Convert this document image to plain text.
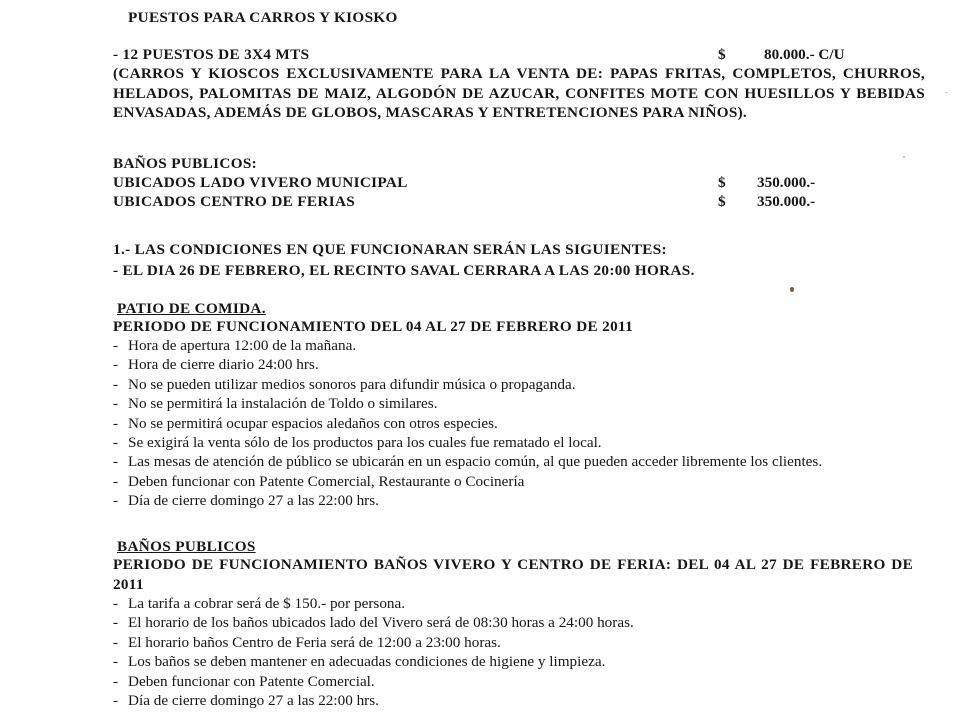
PUESTOS PARA CARROS Y KIOSKO
- 12 PUESTOS DE 3X4 MTS	$	80.000.- C/U
(CARROS Y KIOSCOS EXCLUSIVAMENTE PARA LA VENTA DE: PAPAS FRITAS, COMPLETOS, CHURROS, HELADOS, PALOMITAS DE MAIZ, ALGODÓN DE AZUCAR, CONFITES MOTE CON HUESILLOS Y BEBIDAS ENVASADAS, ADEMÁS DE GLOBOS, MASCARAS Y ENTRETENCIONES PARA NIÑOS).
BAÑOS PUBLICOS:
UBICADOS LADO VIVERO MUNICIPAL	$ 350.000.-
UBICADOS CENTRO DE FERIAS	$ 350.000.-
1.- LAS CONDICIONES EN QUE FUNCIONARAN SERÁN LAS SIGUIENTES:
- EL DIA 26 DE FEBRERO, EL RECINTO SAVAL CERRARA A LAS 20:00 HORAS.
PATIO DE COMIDA.
PERIODO DE FUNCIONAMIENTO DEL 04 AL 27 DE FEBRERO DE 2011
- Hora de apertura 12:00 de la mañana.
- Hora de cierre diario 24:00 hrs.
- No se pueden utilizar medios sonoros para difundir música o propaganda.
- No se permitirá la instalación de Toldo o similares.
- No se permitirá ocupar espacios aledaños con otros especies.
- Se exigirá la venta sólo de los productos para los cuales fue rematado el local.
- Las mesas de atención de público se ubicarán en un espacio común, al que pueden acceder libremente los clientes.
- Deben funcionar con Patente Comercial, Restaurante o Cocinería
- Día de cierre domingo 27 a las 22:00 hrs.
BAÑOS PUBLICOS
PERIODO DE FUNCIONAMIENTO BAÑOS VIVERO Y CENTRO DE FERIA: DEL 04 AL 27 DE FEBRERO DE 2011
- La tarifa a cobrar será de $ 150.- por persona.
- El horario de los baños ubicados lado del Vivero será de 08:30 horas a 24:00 horas.
- El horario baños Centro de Feria será de 12:00 a 23:00 horas.
- Los baños se deben mantener en adecuadas condiciones de higiene y limpieza.
- Deben funcionar con Patente Comercial.
- Día de cierre domingo 27 a las 22:00 hrs.
